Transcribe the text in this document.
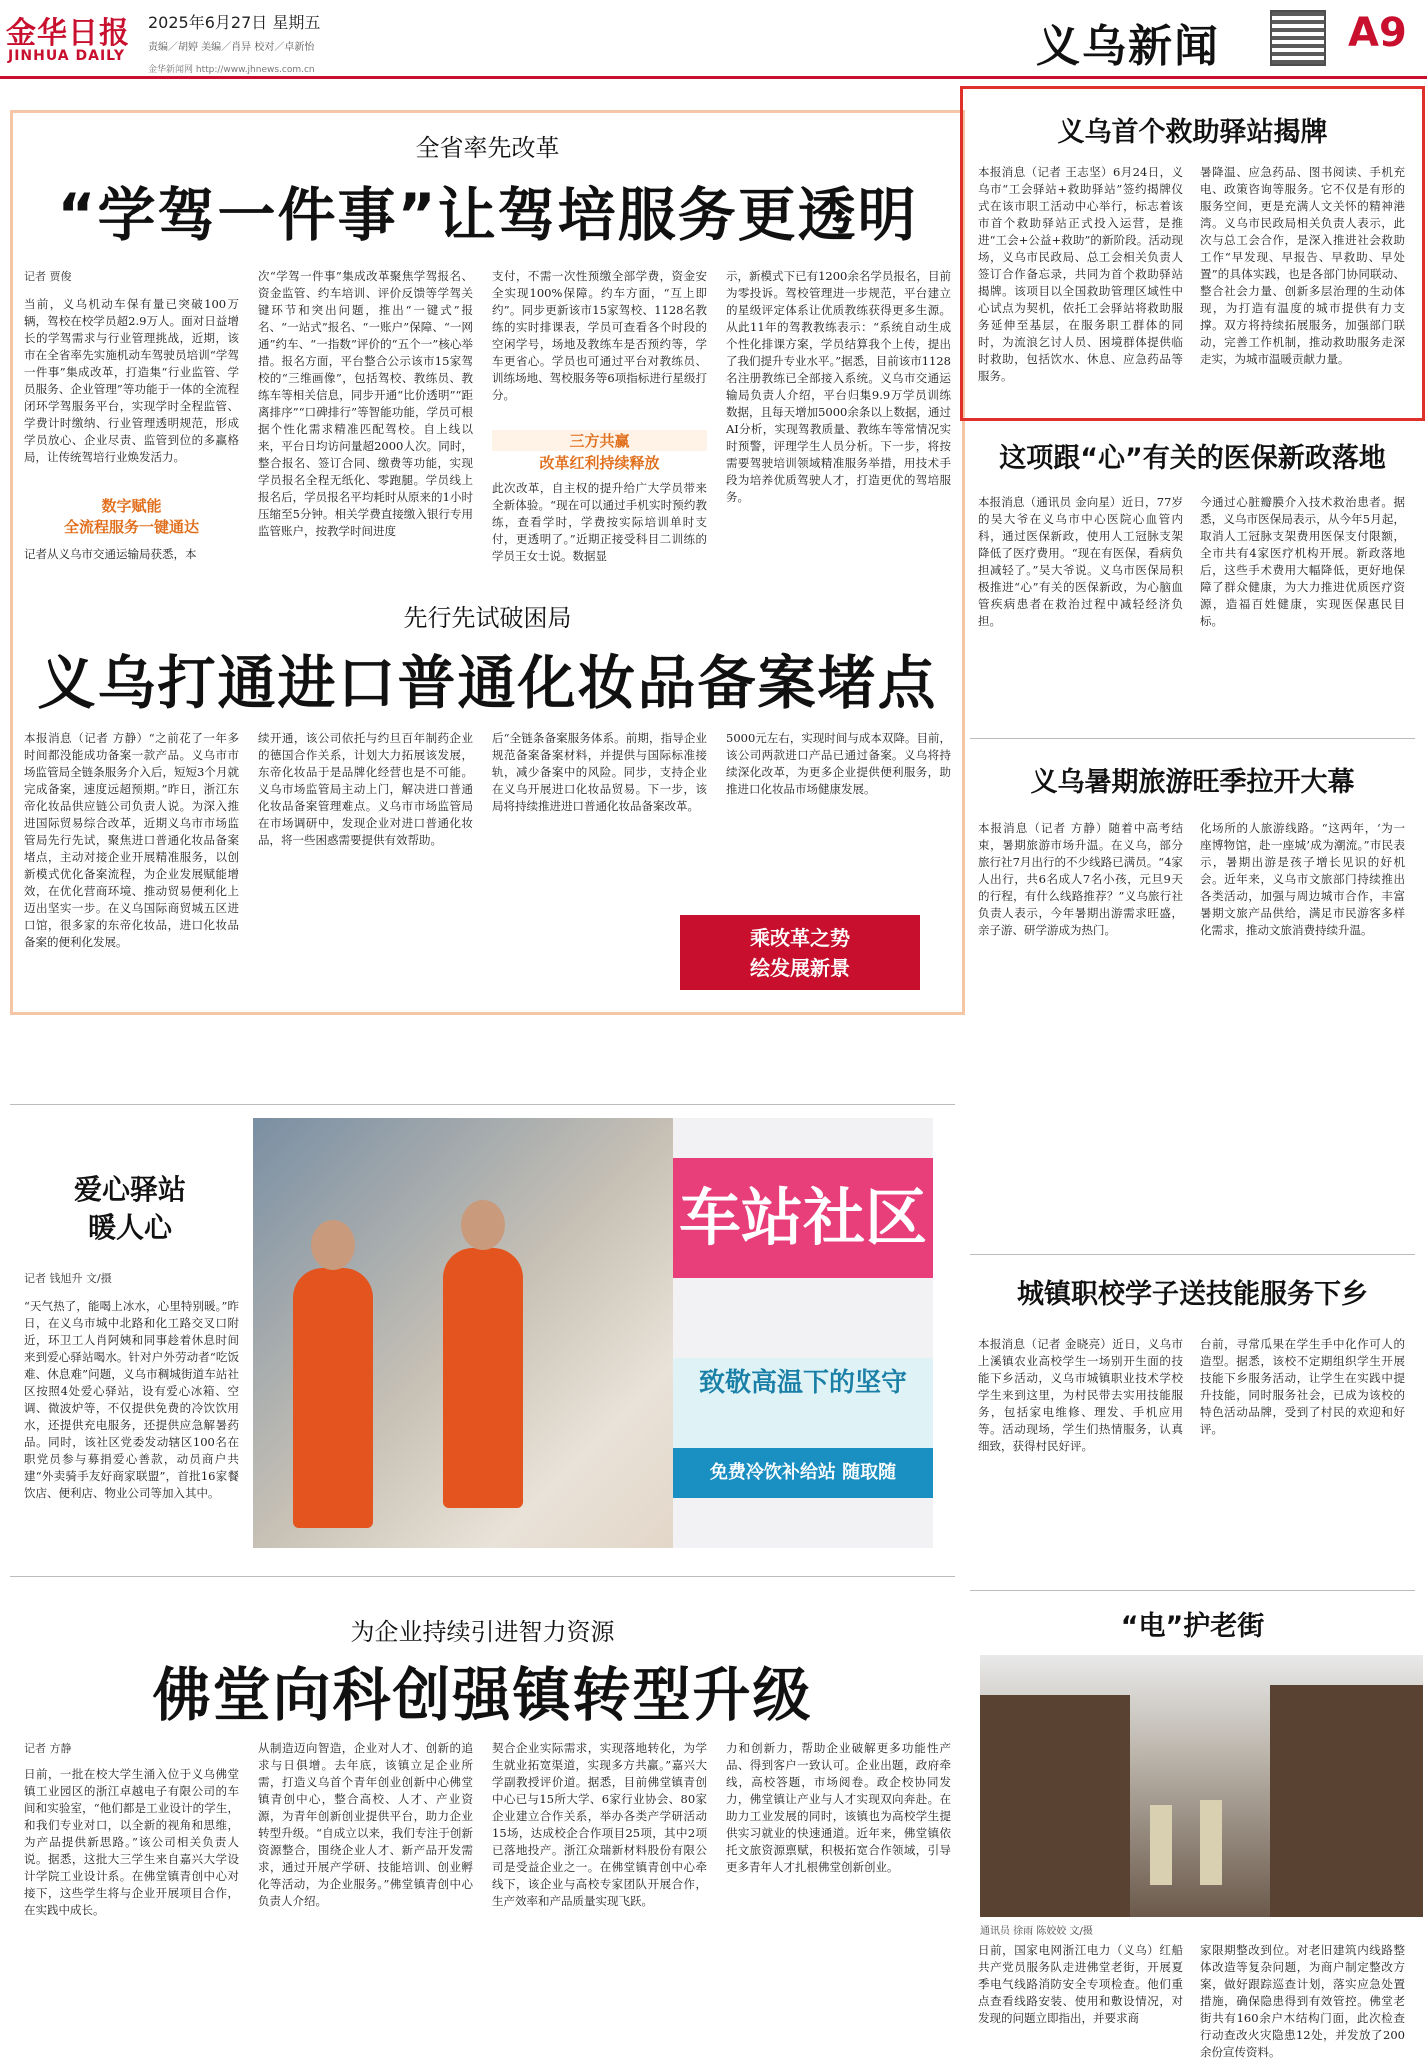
金华日报
JINHUA DAILY
2025年6月27日 星期五
责编／胡婷 美编／肖异 校对／卓新怡
金华新闻网 http://www.jhnews.com.cn	义乌新闻	A9
全省率先改革
“学驾一件事”让驾培服务更透明
记者 贾俊
当前，义乌机动车保有量已突破100万辆，驾校在校学员超2.9万人。面对日益增长的学驾需求与行业管理挑战，近期，该市在全省率先实施机动车驾驶员培训“学驾一件事”集成改革，打造集“行业监管、学员服务、企业管理”等功能于一体的全流程闭环学驾服务平台，实现学时全程监管、学费计时缴纳、行业管理透明规范，形成学员放心、企业尽责、监管到位的多赢格局，让传统驾培行业焕发活力。
数字赋能
全流程服务一键通达
记者从义乌市交通运输局获悉，本
次“学驾一件事”集成改革聚焦学驾报名、资金监管、约车培训、评价反馈等学驾关键环节和突出问题，推出“一键式”报名、“一站式”报名、“一账户”保障、“一网通”约车、“一指数”评价的“五个一”核心举措。报名方面，平台整合公示该市15家驾校的“三维画像”，包括驾校、教练员、教练车等相关信息，同步开通“比价透明”“距离排序”“口碑排行”等智能功能，学员可根据个性化需求精准匹配驾校。自上线以来，平台日均访问量超2000人次。同时，整合报名、签订合同、缴费等功能，实现学员报名全程无纸化、零跑腿。学员线上报名后，学员报名平均耗时从原来的1小时压缩至5分钟。相关学费直接缴入银行专用监管账户，按教学时间进度
支付，不需一次性预缴全部学费，资金安全实现100%保障。约车方面，“互上即约”。同步更新该市15家驾校、1128名教练的实时排课表，学员可查看各个时段的空闲学号，场地及教练车是否预约等，学车更省心。学员也可通过平台对教练员、训练场地、驾校服务等6项指标进行星级打分。
三方共赢
改革红利持续释放
此次改革，自主权的提升给广大学员带来全新体验。“现在可以通过手机实时预约教练，查看学时，学费按实际培训单时支付，更透明了。”近期正接受科目二训练的学员王女士说。数据显
示，新模式下已有1200余名学员报名，目前为零投诉。驾校管理进一步规范，平台建立的星级评定体系让优质教练获得更多生源。从此11年的驾教教练表示：“系统自动生成个性化排课方案，学员结算我个上传，提出了我们提升专业水平。”据悉，目前该市1128名注册教练已全部接入系统。义乌市交通运输局负责人介绍，平台归集9.9万学员训练数据，且每天增加5000余条以上数据，通过AI分析，实现驾教质量、教练车等常情况实时预警，评理学生人员分析。下一步，将按需要驾驶培训领域精准服务举措，用技术手段为培养优质驾驶人才，打造更优的驾培服务。
先行先试破困局
义乌打通进口普通化妆品备案堵点
本报消息（记者 方静）“之前花了一年多时间都没能成功备案一款产品。义乌市市场监管局全链条服务介入后，短短3个月就完成备案，速度远超预期。”昨日，浙江东帝化妆品供应链公司负责人说。为深入推进国际贸易综合改革，近期义乌市市场监管局先行先试，聚焦进口普通化妆品备案堵点，主动对接企业开展精准服务，以创新模式优化备案流程，为企业发展赋能增效，在优化营商环境、推动贸易便利化上迈出坚实一步。在义乌国际商贸城五区进口馆，很多家的东帝化妆品，进口化妆品备案的便利化发展。
续开通，该公司依托与约旦百年制药企业的德国合作关系，计划大力拓展该发展，东帝化妆品于是品牌化经营也是不可能。义乌市场监管局主动上门，解决进口普通化妆品备案管理难点。义乌市市场监管局在市场调研中，发现企业对进口普通化妆品，将一些困惑需要提供有效帮助。
后“全链条备案服务体系。前期，指导企业规范备案备案材料，并提供与国际标准接轨，减少备案中的风险。同步，支持企业在义乌开展进口化妆品贸易。下一步，该局将持续推进进口普通化妆品备案改革。
5000元左右，实现时间与成本双降。目前，该公司两款进口产品已通过备案。义乌将持续深化改革，为更多企业提供便利服务，助推进口化妆品市场健康发展。
乘改革之势
绘发展新景
义乌首个救助驿站揭牌
本报消息（记者 王志坚）6月24日，义乌市“工会驿站+救助驿站”签约揭牌仪式在该市职工活动中心举行，标志着该市首个救助驿站正式投入运营，是推进“工会+公益+救助”的新阶段。活动现场，义乌市民政局、总工会相关负责人签订合作备忘录，共同为首个救助驿站揭牌。该项目以全国救助管理区域性中心试点为契机，依托工会驿站将救助服务延伸至基层，在服务职工群体的同时，为流浪乞讨人员、困境群体提供临时救助，包括饮水、休息、应急药品等服务。
暑降温、应急药品、图书阅读、手机充电、政策咨询等服务。它不仅是有形的服务空间，更是充满人文关怀的精神港湾。义乌市民政局相关负责人表示，此次与总工会合作，是深入推进社会救助工作“早发现、早报告、早救助、早处置”的具体实践，也是各部门协同联动、整合社会力量、创新多层治理的生动体现，为打造有温度的城市提供有力支撑。双方将持续拓展服务，加强部门联动，完善工作机制，推动救助服务走深走实，为城市温暖贡献力量。
这项跟“心”有关的医保新政落地
本报消息（通讯员 金向星）近日，77岁的吴大爷在义乌市中心医院心血管内科，通过医保新政，使用人工冠脉支架降低了医疗费用。“现在有医保，看病负担减轻了。”吴大爷说。义乌市医保局积极推进“心”有关的医保新政，为心脑血管疾病患者在救治过程中减轻经济负担。
今通过心脏瓣膜介入技术救治患者。据悉，义乌市医保局表示，从今年5月起，取消人工冠脉支架费用医保支付限额，全市共有4家医疗机构开展。新政落地后，这些手术费用大幅降低，更好地保障了群众健康，为大力推进优质医疗资源，造福百姓健康，实现医保惠民目标。
义乌暑期旅游旺季拉开大幕
本报消息（记者 方静）随着中高考结束，暑期旅游市场升温。在义乌，部分旅行社7月出行的不少线路已满员。“4家人出行，共6名成人7名小孩，元旦9天的行程，有什么线路推荐？”义乌旅行社负责人表示，今年暑期出游需求旺盛，亲子游、研学游成为热门。
化场所的人旅游线路。“这两年，‘为一座博物馆，赴一座城’成为潮流。”市民表示，暑期出游是孩子增长见识的好机会。近年来，义乌市文旅部门持续推出各类活动，加强与周边城市合作，丰富暑期文旅产品供给，满足市民游客多样化需求，推动文旅消费持续升温。
城镇职校学子送技能服务下乡
本报消息（记者 金晓亮）近日，义乌市上溪镇农业高校学生一场别开生面的技能下乡活动，义乌市城镇职业技术学校学生来到这里，为村民带去实用技能服务，包括家电维修、理发、手机应用等。活动现场，学生们热情服务，认真细致，获得村民好评。
台前，寻常瓜果在学生手中化作可人的造型。据悉，该校不定期组织学生开展技能下乡服务活动，让学生在实践中提升技能，同时服务社会，已成为该校的特色活动品牌，受到了村民的欢迎和好评。
爱心驿站
暖人心
记者 钱旭升 文/摄
“天气热了，能喝上冰水，心里特别暖。”昨日，在义乌市城中北路和化工路交叉口附近，环卫工人肖阿姨和同事趁着休息时间来到爱心驿站喝水。针对户外劳动者“吃饭难、休息难”问题，义乌市稠城街道车站社区按照4处爱心驿站，设有爱心冰箱、空调、微波炉等，不仅提供免费的冷饮饮用水，还提供充电服务，还提供应急解暑药品。同时，该社区党委发动辖区100名在职党员参与募捐爱心善款，动员商户共建“外卖骑手友好商家联盟”，首批16家餐饮店、便利店、物业公司等加入其中。
车站社区
致敬高温下的坚守
免费冷饮补给站 随取随
为企业持续引进智力资源
佛堂向科创强镇转型升级
记者 方静
日前，一批在校大学生涌入位于义乌佛堂镇工业园区的浙江卓越电子有限公司的车间和实验室，“他们都是工业设计的学生，和我们专业对口，以全新的视角和思维，为产品提供新思路。”该公司相关负责人说。据悉，这批大三学生来自嘉兴大学设计学院工业设计系。在佛堂镇青创中心对接下，这些学生将与企业开展项目合作，在实践中成长。
从制造迈向智造，企业对人才、创新的追求与日俱增。去年底，该镇立足企业所需，打造义乌首个青年创业创新中心佛堂镇青创中心，整合高校、人才、产业资源，为青年创新创业提供平台，助力企业转型升级。“自成立以来，我们专注于创新资源整合，围绕企业人才、新产品开发需求，通过开展产学研、技能培训、创业孵化等活动，为企业服务。”佛堂镇青创中心负责人介绍。
契合企业实际需求，实现落地转化，为学生就业拓宽渠道，实现多方共赢。”嘉兴大学副教授评价道。据悉，目前佛堂镇青创中心已与15所大学、6家行业协会、80家企业建立合作关系，举办各类产学研活动15场，达成校企合作项目25项，其中2项已落地投产。浙江众瑞新材料股份有限公司是受益企业之一。在佛堂镇青创中心牵线下，该企业与高校专家团队开展合作，生产效率和产品质量实现飞跃。
力和创新力，帮助企业破解更多功能性产品、得到客户一致认可。企业出题，政府牵线，高校答题，市场阅卷。政企校协同发力，佛堂镇让产业与人才实现双向奔赴。在助力工业发展的同时，该镇也为高校学生提供实习就业的快速通道。近年来，佛堂镇依托文旅资源禀赋，积极拓宽合作领域，引导更多青年人才扎根佛堂创新创业。
“电”护老街
通讯员 徐雨 陈姣姣 文/摄
日前，国家电网浙江电力（义乌）红船共产党员服务队走进佛堂老街，开展夏季电气线路消防安全专项检查。他们重点查看线路安装、使用和敷设情况，对发现的问题立即指出，并要求商
家限期整改到位。对老旧建筑内线路整体改造等复杂问题，为商户制定整改方案，做好跟踪巡查计划，落实应急处置措施，确保隐患得到有效管控。佛堂老街共有160余户木结构门面，此次检查行动查改火灾隐患12处，并发放了200余份宣传资料。
